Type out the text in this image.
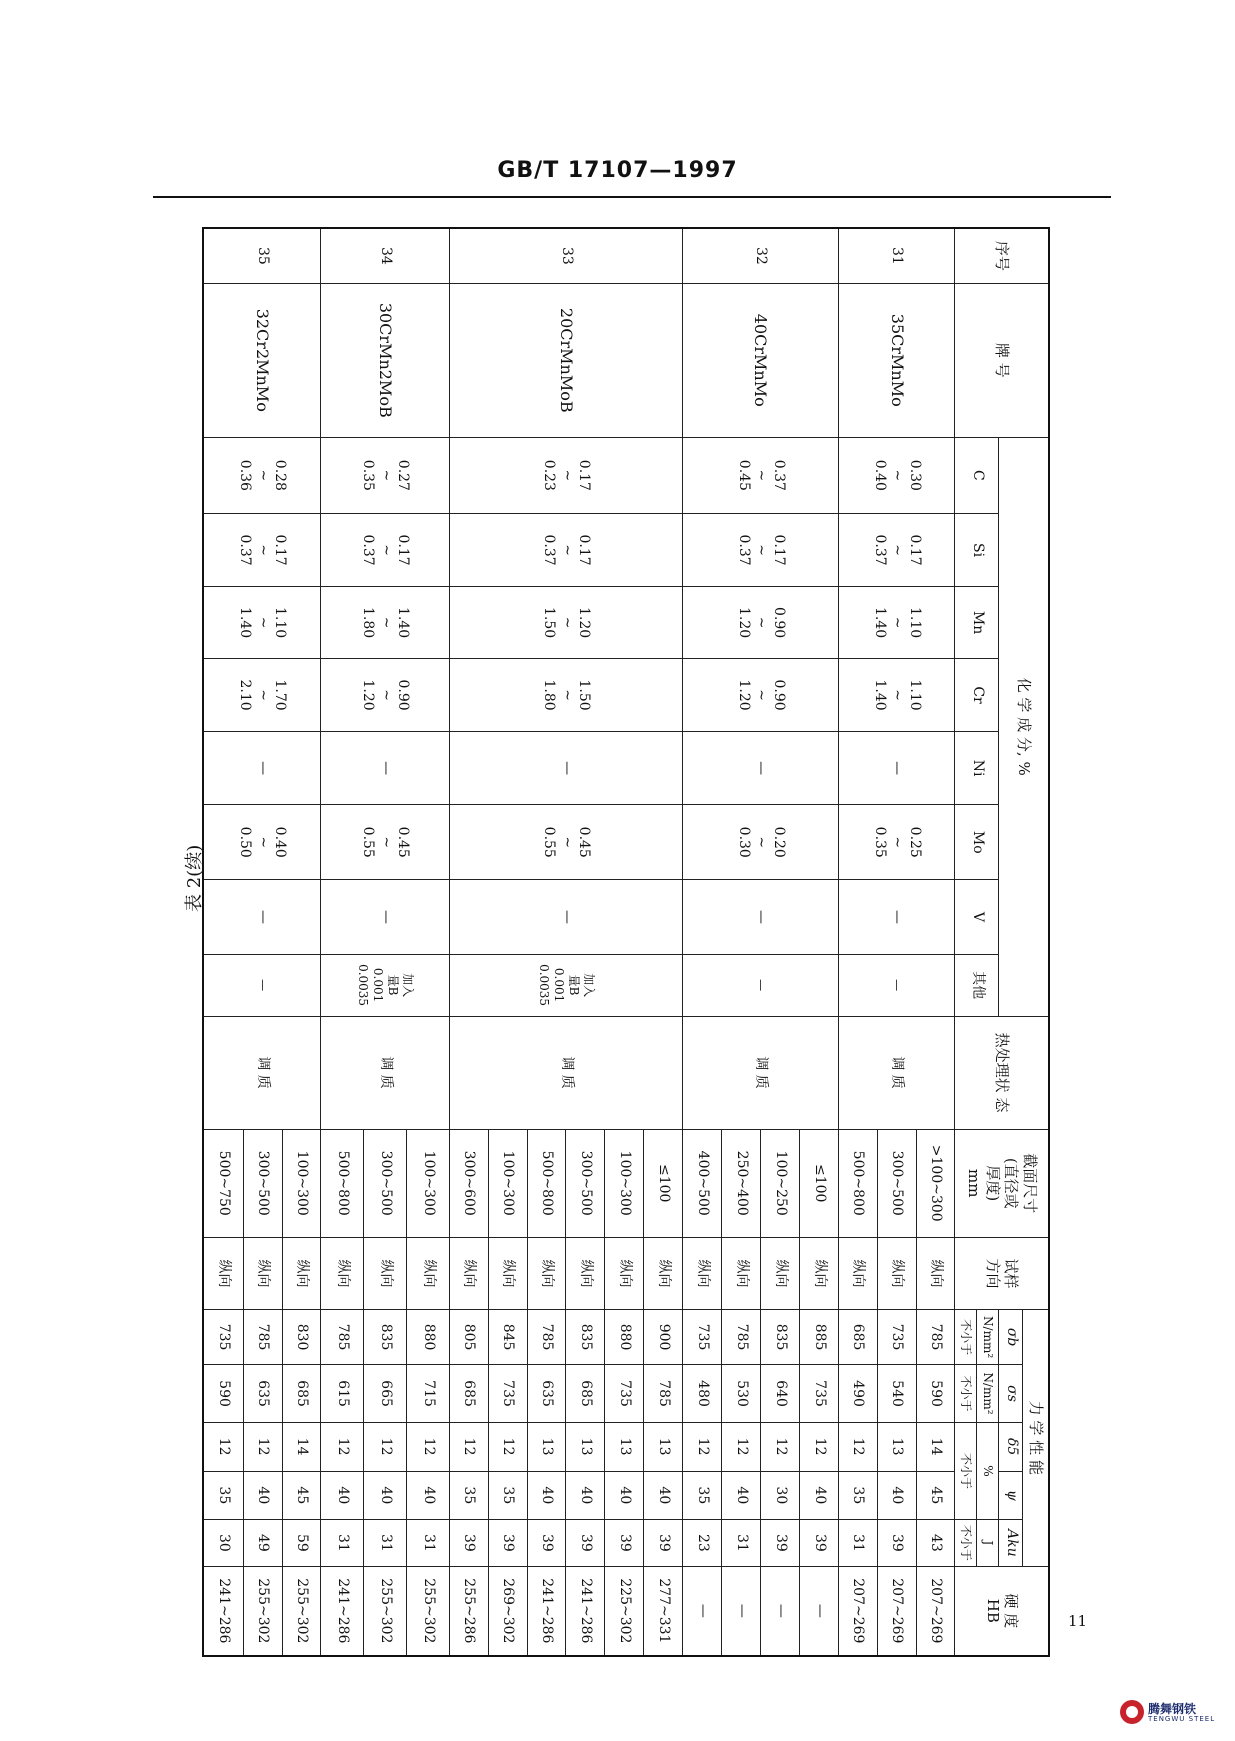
GB/T 17107—1997
表 2(续)
序号	牌 号	化 学 成 分, %								热处理状 态	截面尺寸
(直径或
厚度)
mm	试样
方向	力 学 性 能					硬 度
HB

													σb	σs	δ5	ψ	Aku	
		C	Si	Mn	Cr	Ni	Mo	V	其他				N/mm²	N/mm²	%		J	
													不小于	不小于	不小于		不小于	
31	35CrMnMo	0.30
~
0.40	0.17
~
0.37	1.10
~
1.40	1.10
~
1.40	—	0.25
~
0.35	—	—	调 质	>100~300	纵向	785	590	14	45	43	207~269
											300~500	纵向	735	540	13	40	39	207~269
											500~800	纵向	685	490	12	35	31	207~269
32	40CrMnMo	0.37
~
0.45	0.17
~
0.37	0.90
~
1.20	0.90
~
1.20	—	0.20
~
0.30	—	—	调 质	≤100	纵向	885	735	12	40	39	—
											100~250	纵向	835	640	12	30	39	—
											250~400	纵向	785	530	12	40	31	—
											400~500	纵向	735	480	12	35	23	—
33	20CrMnMoB	0.17
~
0.23	0.17
~
0.37	1.20
~
1.50	1.50
~
1.80	—	0.45
~
0.55	—	加入
量B
0.001
0.0035	调 质	≤100	纵向	900	785	13	40	39	277~331
											100~300	纵向	880	735	13	40	39	225~302
											300~500	纵向	835	685	13	40	39	241~286
											500~800	纵向	785	635	13	40	39	241~286
											100~300	纵向	845	735	12	35	39	269~302
											300~600	纵向	805	685	12	35	39	255~286
34	30CrMn2MoB	0.27
~
0.35	0.17
~
0.37	1.40
~
1.80	0.90
~
1.20	—	0.45
~
0.55	—	加入
量B
0.001
0.0035	调 质	100~300	纵向	880	715	12	40	31	255~302
											300~500	纵向	835	665	12	40	31	255~302
											500~800	纵向	785	615	12	40	31	241~286
35	32Cr2MnMo	0.28
~
0.36	0.17
~
0.37	1.10
~
1.40	1.70
~
2.10	—	0.40
~
0.50	—	—	调 质	100~300	纵向	830	685	14	45	59	255~302
											300~500	纵向	785	635	12	40	49	255~302
											500~750	纵向	735	590	12	35	30	241~286	11
腾舞钢铁
TENGWU STEEL
